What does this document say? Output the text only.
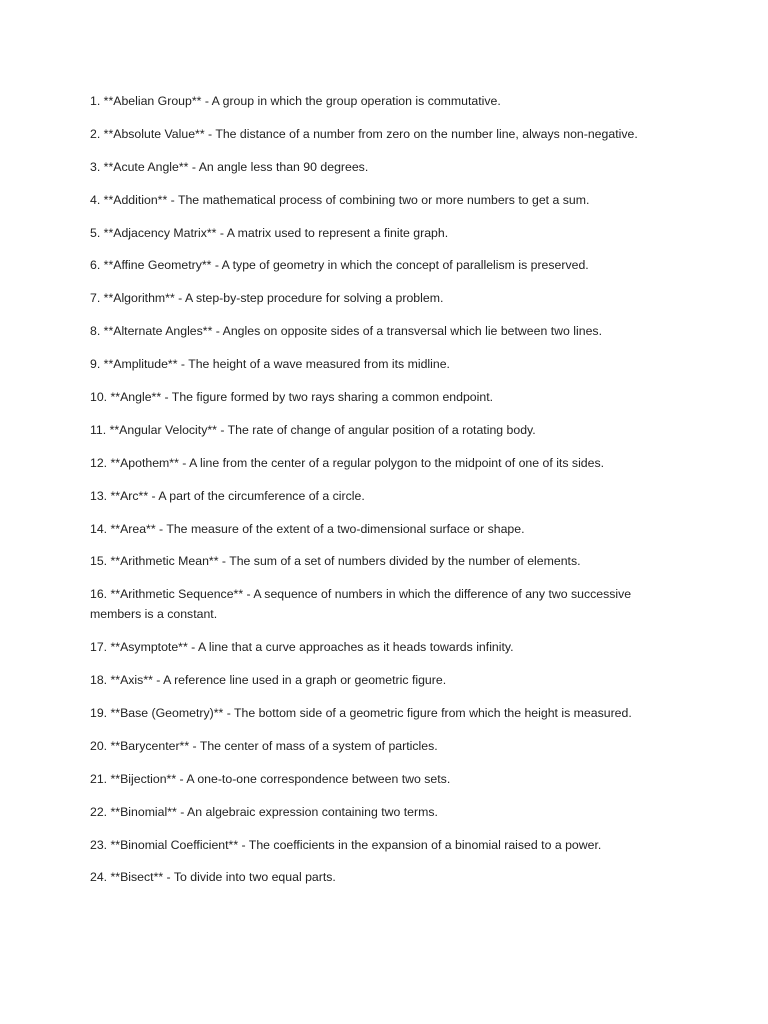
1. **Abelian Group** - A group in which the group operation is commutative.
2. **Absolute Value** - The distance of a number from zero on the number line, always non-negative.
3. **Acute Angle** - An angle less than 90 degrees.
4. **Addition** - The mathematical process of combining two or more numbers to get a sum.
5. **Adjacency Matrix** - A matrix used to represent a finite graph.
6. **Affine Geometry** - A type of geometry in which the concept of parallelism is preserved.
7. **Algorithm** - A step-by-step procedure for solving a problem.
8. **Alternate Angles** - Angles on opposite sides of a transversal which lie between two lines.
9. **Amplitude** - The height of a wave measured from its midline.
10. **Angle** - The figure formed by two rays sharing a common endpoint.
11. **Angular Velocity** - The rate of change of angular position of a rotating body.
12. **Apothem** - A line from the center of a regular polygon to the midpoint of one of its sides.
13. **Arc** - A part of the circumference of a circle.
14. **Area** - The measure of the extent of a two-dimensional surface or shape.
15. **Arithmetic Mean** - The sum of a set of numbers divided by the number of elements.
16. **Arithmetic Sequence** - A sequence of numbers in which the difference of any two successive members is a constant.
17. **Asymptote** - A line that a curve approaches as it heads towards infinity.
18. **Axis** - A reference line used in a graph or geometric figure.
19. **Base (Geometry)** - The bottom side of a geometric figure from which the height is measured.
20. **Barycenter** - The center of mass of a system of particles.
21. **Bijection** - A one-to-one correspondence between two sets.
22. **Binomial** - An algebraic expression containing two terms.
23. **Binomial Coefficient** - The coefficients in the expansion of a binomial raised to a power.
24. **Bisect** - To divide into two equal parts.
